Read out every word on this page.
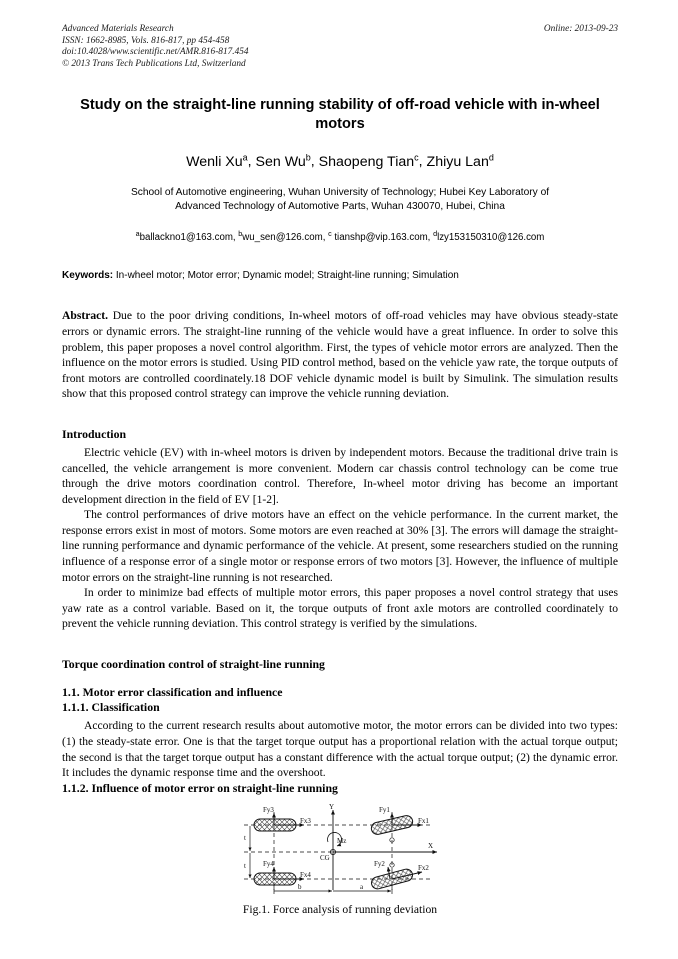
Online: 2013-09-23
Advanced Materials Research
ISSN: 1662-8985, Vols. 816-817, pp 454-458
doi:10.4028/www.scientific.net/AMR.816-817.454
© 2013 Trans Tech Publications Ltd, Switzerland
Study on the straight-line running stability of off-road vehicle with in-wheel motors
Wenli Xu$^a$, Sen Wu$^b$, Shaopeng Tian$^c$, Zhiyu Lan$^d$
School of Automotive engineering, Wuhan University of Technology; Hubei Key Laboratory of
Advanced Technology of Automotive Parts, Wuhan 430070, Hubei, China
$^a$ballackno1@163.com, $^b$wu_sen@126.com, $^c$ tianshp@vip.163.com, $^d$lzy153150310@126.com
Keywords: In-wheel motor; Motor error; Dynamic model; Straight-line running; Simulation
Abstract. Due to the poor driving conditions, In-wheel motors of off-road vehicles may have obvious steady-state errors or dynamic errors. The straight-line running of the vehicle would have a great influence. In order to solve this problem, this paper proposes a novel control algorithm. First, the types of vehicle motor errors are analyzed. Then the influence on the motor errors is studied. Using PID control method, based on the vehicle yaw rate, the torque outputs of front motors are controlled coordinately.18 DOF vehicle dynamic model is built by Simulink. The simulation results show that this proposed control strategy can improve the vehicle running deviation.
Introduction

Electric vehicle (EV) with in-wheel motors is driven by independent motors. Because the traditional drive train is cancelled, the vehicle arrangement is more convenient. Modern car chassis control technology can be come true through the drive motors coordination control. Therefore, In-wheel motor driving has become an important development direction in the field of EV [1-2].

The control performances of drive motors have an effect on the vehicle performance. In the current market, the response errors exist in most of motors. Some motors are even reached at 30% [3]. The errors will damage the straight-line running performance and dynamic performance of the vehicle. At present, some researchers studied on the running influence of a response error of a single motor or response errors of two motors [3]. However, the influence of multiple motor errors on the straight-line running is not researched.

In order to minimize bad effects of multiple motor errors, this paper proposes a novel control strategy that uses yaw rate as a control variable. Based on it, the torque outputs of front axle motors are controlled coordinately to prevent the vehicle running deviation. This control strategy is verified by the simulations.

Torque coordination control of straight-line running
1.1. Motor error classification and influence
1.1.1. Classification

According to the current research results about automotive motor, the motor errors can be divided into two types: (1) the steady-state error. One is that the target torque output has a proportional relation with the actual torque output; the second is that the target torque output has a constant difference with the actual torque output; (2) the dynamic error. It includes the dynamic response time and the overshoot.

1.1.2. Influence of motor error on straight-line running
Y
X
CG
Mz
Fy3
Fx3
Fy1
Fx1
Fy4
Fx4
Fy2	Fx2
t
t
b	a
Fig.1. Force analysis of running deviation
